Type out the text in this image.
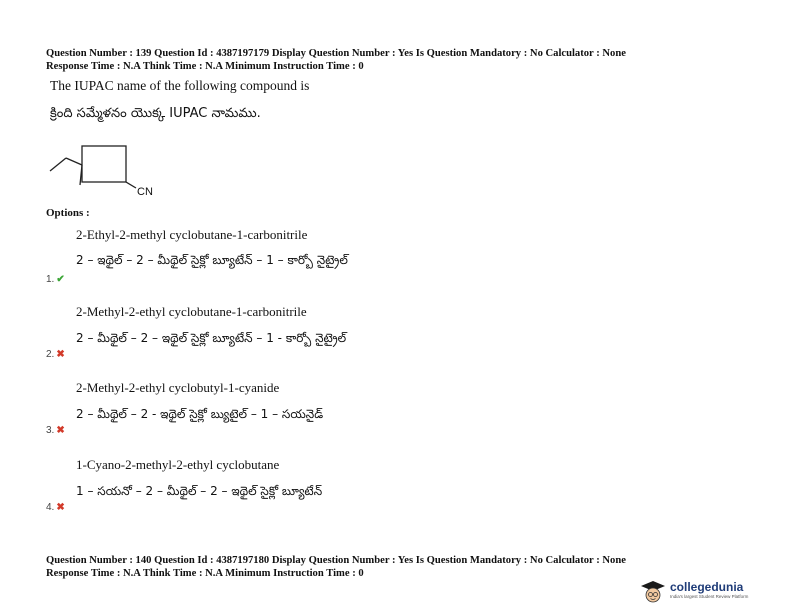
Question Number : 139 Question Id : 4387197179 Display Question Number : Yes Is Question Mandatory : No Calculator : None
Response Time : N.A Think Time : N.A Minimum Instruction Time : 0
The IUPAC name of the following compound is
క్రింది సమ్మేళనం యొక్క IUPAC నామము.
CN
Options :
2-Ethyl-2-methyl cyclobutane-1-carbonitrile
2 – ఇథైల్ – 2 – మీథైల్ సైక్లో బ్యూటేన్ – 1 – కార్బో నైట్రైల్
1. ✔
2-Methyl-2-ethyl cyclobutane-1-carbonitrile
2 – మీథైల్ – 2 – ఇథైల్ సైక్లో బ్యూటేన్ – 1 - కార్బో నైట్రైల్
2. ✖
2-Methyl-2-ethyl cyclobutyl-1-cyanide
2 – మీథైల్ – 2 - ఇథైల్ సైక్లో బ్యుటైల్ – 1 – సయనైడ్
3. ✖
1-Cyano-2-methyl-2-ethyl cyclobutane
1 – సయనో – 2 – మీథైల్ – 2 – ఇథైల్ సైక్లో బ్యూటేన్
4. ✖
Question Number : 140 Question Id : 4387197180 Display Question Number : Yes Is Question Mandatory : No Calculator : None
Response Time : N.A Think Time : N.A Minimum Instruction Time : 0
collegedunia
India's largest Student Review Platform
